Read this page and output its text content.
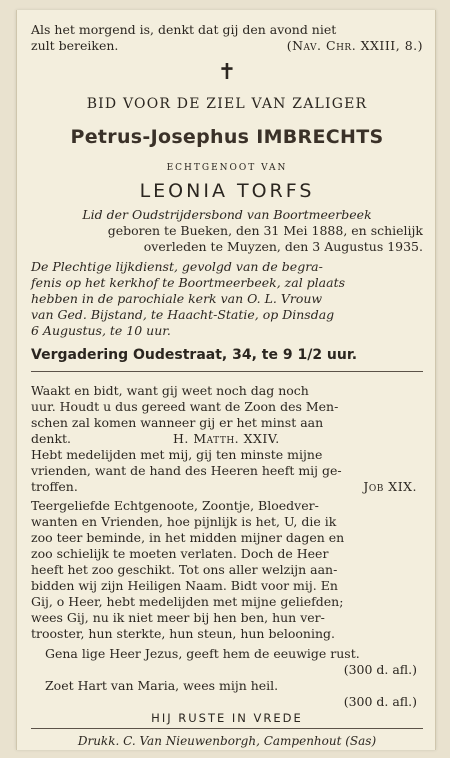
Als het morgend is, denkt dat gij den avond niet
zult bereiken.	(Nav. Chr. XXIII, 8.)
✝
BID VOOR DE ZIEL VAN ZALIGER
Petrus-Josephus IMBRECHTS
ECHTGENOOT VAN
LEONIA TORFS
Lid der Oudstrijdersbond van Boortmeerbeek
geboren te Bueken, den 31 Mei 1888, en schielijk
overleden te Muyzen, den 3 Augustus 1935.
De Plechtige lijkdienst, gevolgd van de begra-
fenis op het kerkhof te Boortmeerbeek, zal plaats
hebben in de parochiale kerk van O. L. Vrouw
van Ged. Bijstand, te Haacht-Statie, op Dinsdag
6 Augustus, te 10 uur.
Vergadering Oudestraat, 34, te 9 1/2 uur.
Waakt en bidt, want gij weet noch dag noch
uur. Houdt u dus gereed want de Zoon des Men-
schen zal komen wanneer gij er het minst aan
denkt.	H. Matth. XXIV.
Hebt medelijden met mij, gij ten minste mijne
vrienden, want de hand des Heeren heeft mij ge-
troffen.	Job XIX.
Teergeliefde Echtgenoote, Zoontje, Bloedver-
wanten en Vrienden, hoe pijnlijk is het, U, die ik
zoo teer beminde, in het midden mijner dagen en
zoo schielijk te moeten verlaten. Doch de Heer
heeft het zoo geschikt. Tot ons aller welzijn aan-
bidden wij zijn Heiligen Naam. Bidt voor mij. En
Gij, o Heer, hebt medelijden met mijne geliefden;
wees Gij, nu ik niet meer bij hen ben, hun ver-
trooster, hun sterkte, hun steun, hun belooning.
Gena lige Heer Jezus, geeft hem de eeuwige rust.
(300 d. afl.)
Zoet Hart van Maria, wees mijn heil.
(300 d. afl.)
HIJ RUSTE IN VREDE
Drukk. C. Van Nieuwenborgh, Campenhout (Sas)
